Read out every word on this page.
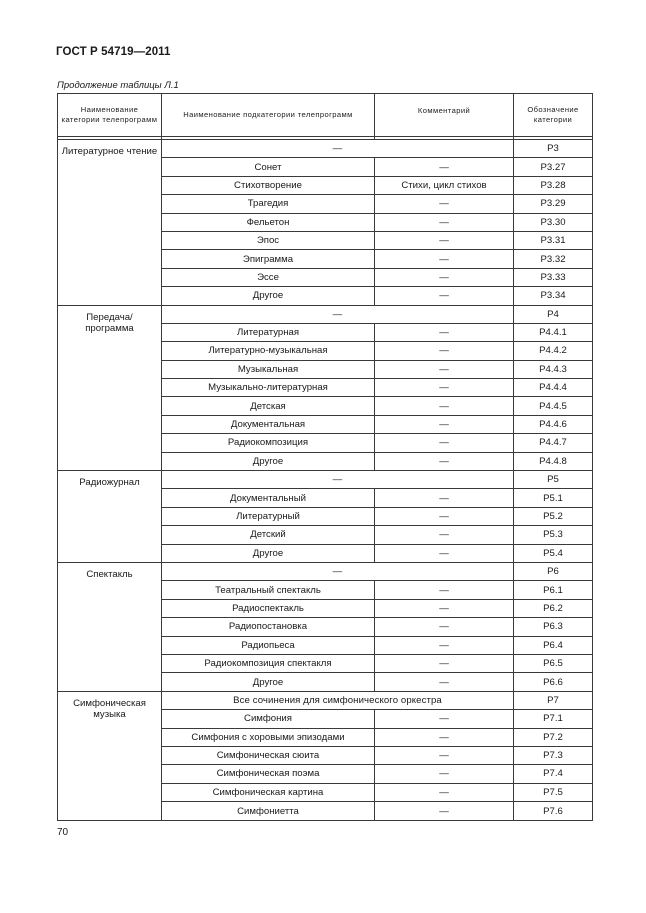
ГОСТ Р 54719—2011
Продолжение таблицы Л.1
Наименование категории телепрограмм	Наименование подкатегории телепрограмм	Комментарий	Обозначение категории

Литературное чтение	—		Р3
	Сонет	—	Р3.27
	Стихотворение	Стихи, цикл стихов	Р3.28
	Трагедия	—	Р3.29
	Фельетон	—	Р3.30
	Эпос	—	Р3.31
	Эпиграмма	—	Р3.32
	Эссе	—	Р3.33
	Другое	—	Р3.34
Передача/ программа	—		Р4
	Литературная	—	Р4.4.1
	Литературно-музыкальная	—	Р4.4.2
	Музыкальная	—	Р4.4.3
	Музыкально-литературная	—	Р4.4.4
	Детская	—	Р4.4.5
	Документальная	—	Р4.4.6
	Радиокомпозиция	—	Р4.4.7
	Другое	—	Р4.4.8
Радиожурнал	—		Р5
	Документальный	—	Р5.1
	Литературный	—	Р5.2
	Детский	—	Р5.3
	Другое	—	Р5.4
Спектакль	—		Р6
	Театральный спектакль	—	Р6.1
	Радиоспектакль	—	Р6.2
	Радиопостановка	—	Р6.3
	Радиопьеса	—	Р6.4
	Радиокомпозиция спектакля	—	Р6.5
	Другое	—	Р6.6
Симфоническая музыка	Все сочинения для симфонического оркестра		Р7
	Симфония	—	Р7.1
	Симфония с хоровыми эпизодами	—	Р7.2
	Симфоническая сюита	—	Р7.3
	Симфоническая поэма	—	Р7.4
	Симфоническая картина	—	Р7.5
	Симфониетта	—	Р7.6
70
